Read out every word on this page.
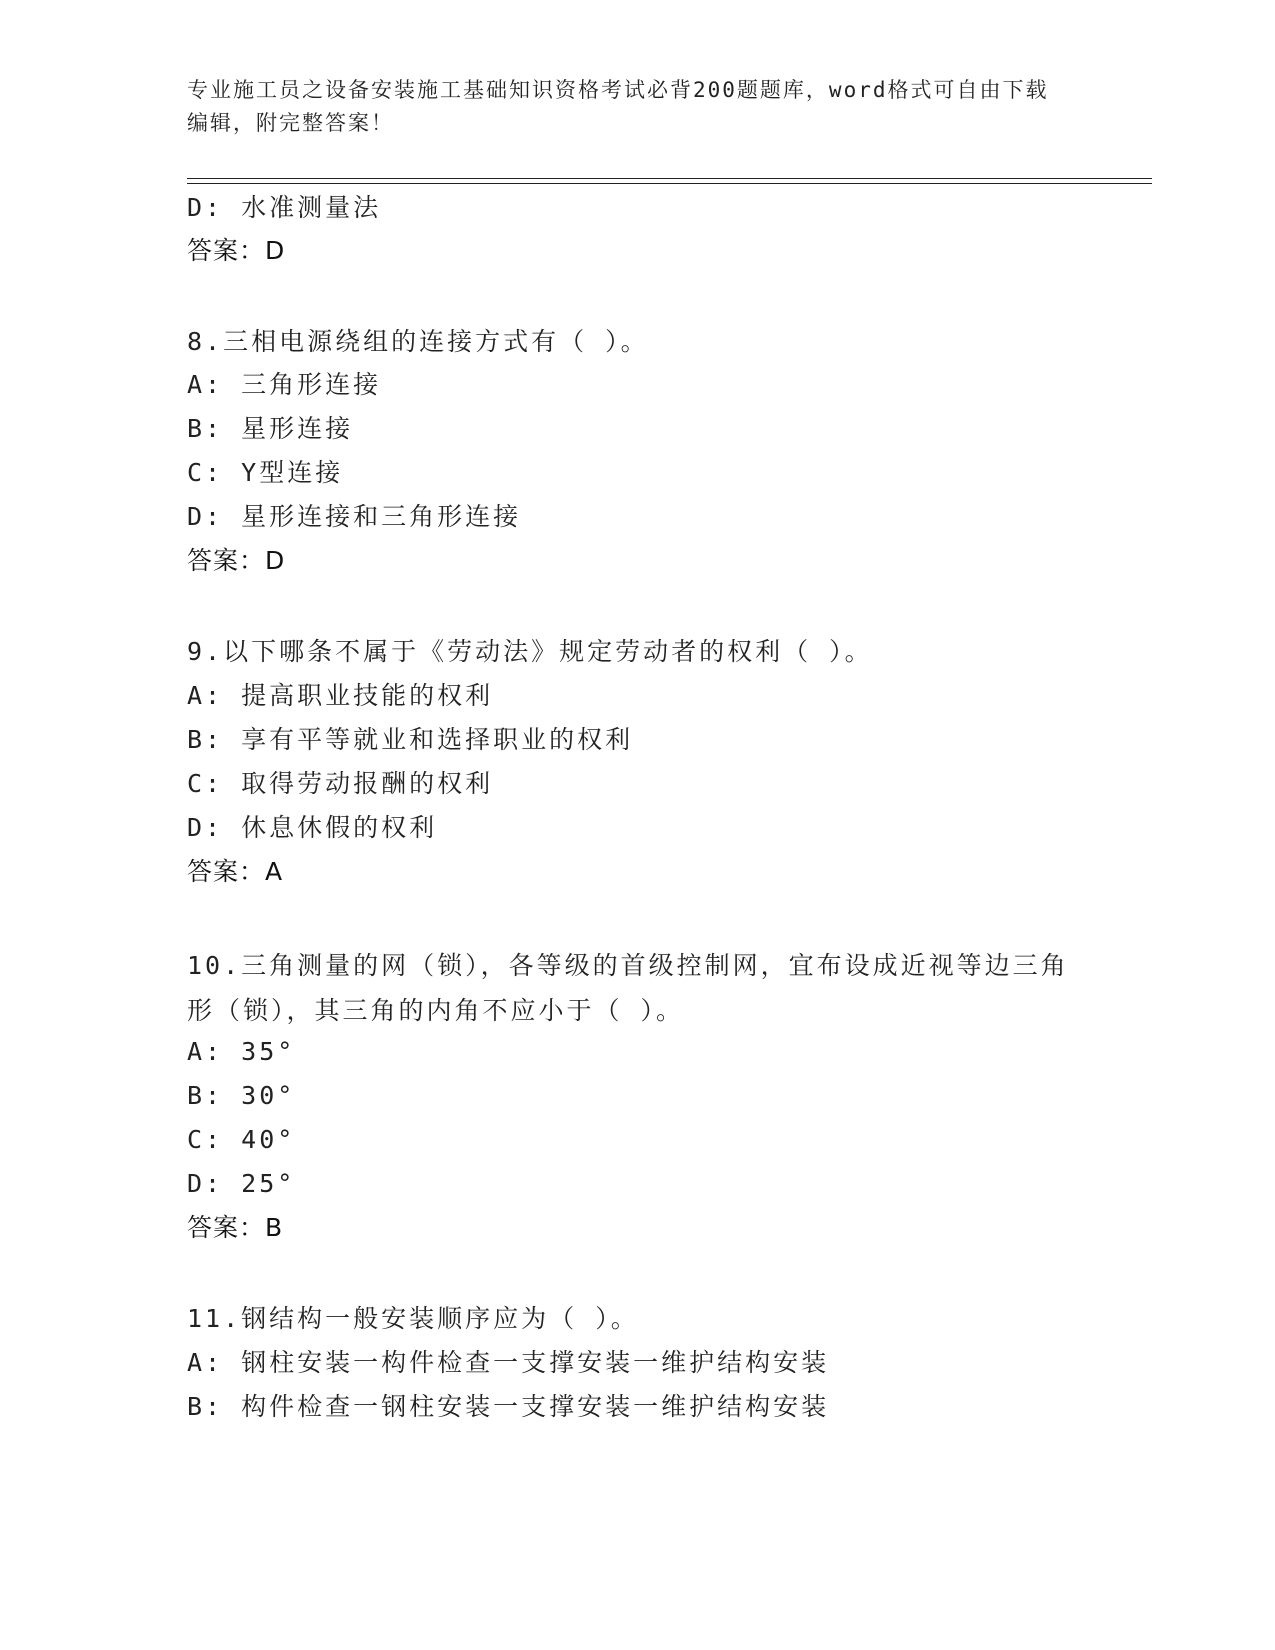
专业施工员之设备安装施工基础知识资格考试必背200题题库，word格式可自由下载编辑，附完整答案！
D: 水准测量法
答案：D
8.三相电源绕组的连接方式有（ ）。
A: 三角形连接
B: 星形连接
C: Y型连接
D: 星形连接和三角形连接
答案：D
9.以下哪条不属于《劳动法》规定劳动者的权利（ ）。
A: 提高职业技能的权利
B: 享有平等就业和选择职业的权利
C: 取得劳动报酬的权利
D: 休息休假的权利
答案：A
10.三角测量的网（锁），各等级的首级控制网，宜布设成近视等边三角形（锁），其三角的内角不应小于（ ）。
A: 35°
B: 30°
C: 40°
D: 25°
答案：B
11.钢结构一般安装顺序应为（ ）。
A: 钢柱安装一构件检查一支撑安装一维护结构安装
B: 构件检查一钢柱安装一支撑安装一维护结构安装
